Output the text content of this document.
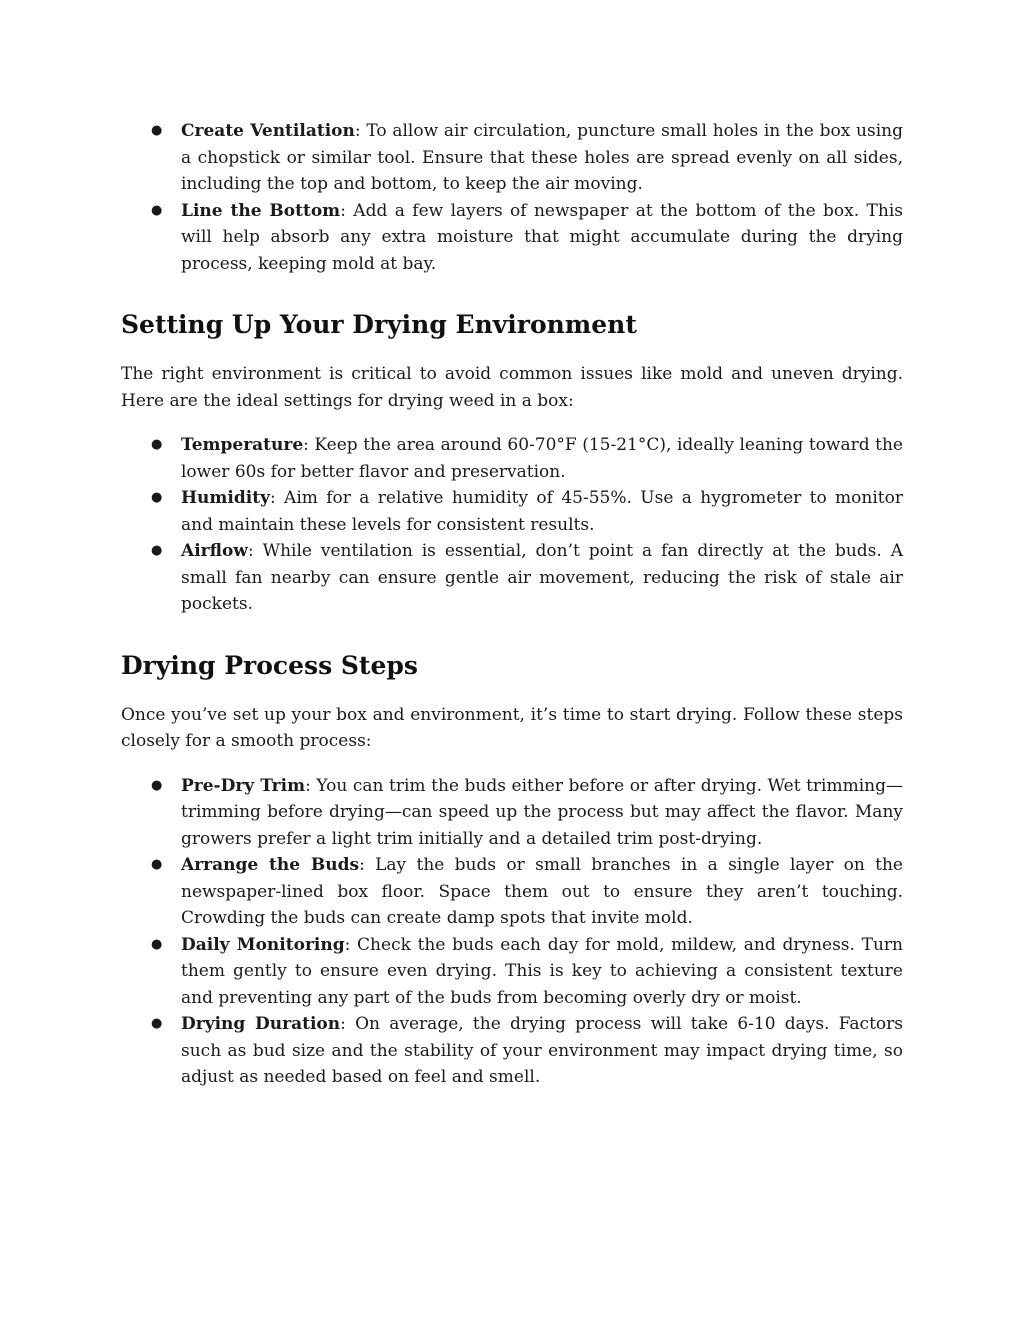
● Create Ventilation: To allow air circulation, puncture small holes in the box using a chopstick or similar tool. Ensure that these holes are spread evenly on all sides, including the top and bottom, to keep the air moving.
● Line the Bottom: Add a few layers of newspaper at the bottom of the box. This will help absorb any extra moisture that might accumulate during the drying process, keeping mold at bay.
Setting Up Your Drying Environment

The right environment is critical to avoid common issues like mold and uneven drying. Here are the ideal settings for drying weed in a box:

● Temperature: Keep the area around 60-70°F (15-21°C), ideally leaning toward the lower 60s for better flavor and preservation.
● Humidity: Aim for a relative humidity of 45-55%. Use a hygrometer to monitor and maintain these levels for consistent results.
● Airflow: While ventilation is essential, don’t point a fan directly at the buds. A small fan nearby can ensure gentle air movement, reducing the risk of stale air pockets.
Drying Process Steps

Once you’ve set up your box and environment, it’s time to start drying. Follow these steps closely for a smooth process:

● Pre-Dry Trim: You can trim the buds either before or after drying. Wet trimming—trimming before drying—can speed up the process but may affect the flavor. Many growers prefer a light trim initially and a detailed trim post-drying.
● Arrange the Buds: Lay the buds or small branches in a single layer on the newspaper-lined box floor. Space them out to ensure they aren’t touching. Crowding the buds can create damp spots that invite mold.
● Daily Monitoring: Check the buds each day for mold, mildew, and dryness. Turn them gently to ensure even drying. This is key to achieving a consistent texture and preventing any part of the buds from becoming overly dry or moist.
● Drying Duration: On average, the drying process will take 6-10 days. Factors such as bud size and the stability of your environment may impact drying time, so adjust as needed based on feel and smell.
